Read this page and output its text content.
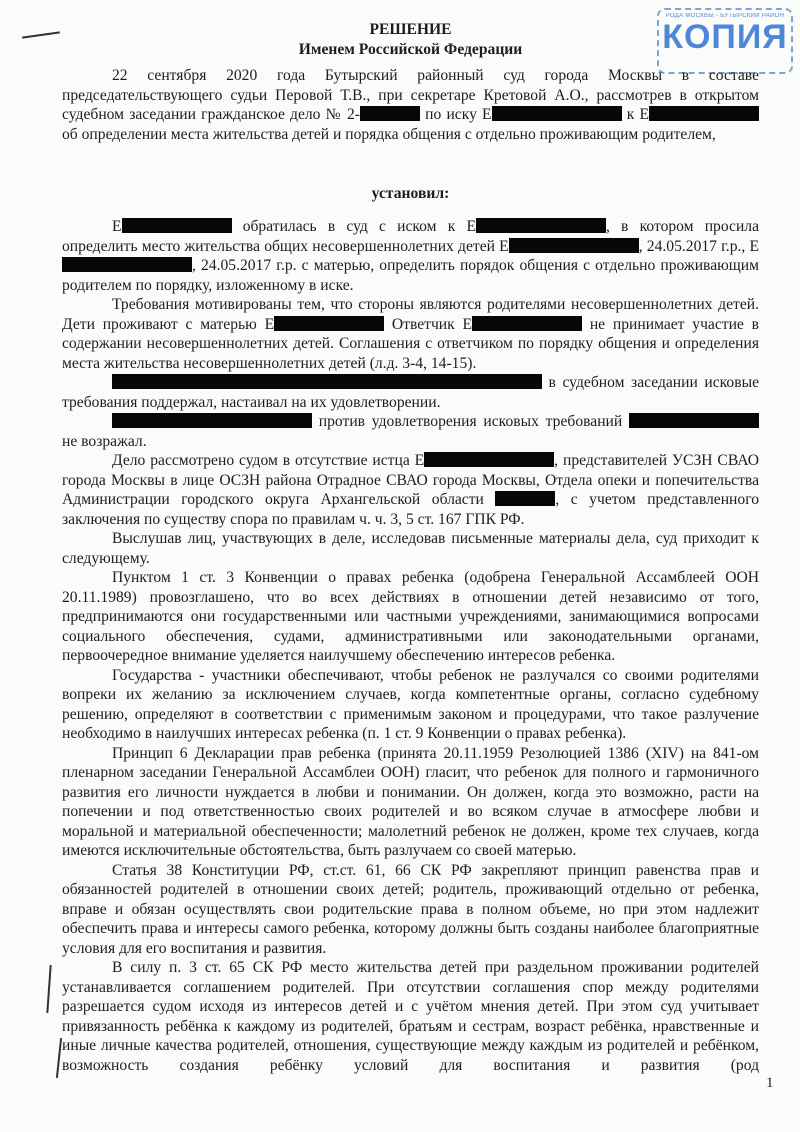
РОДА МОСКВЫ - БУТЫРСКИЙ РАЙОН
КОПИЯ
РЕШЕНИЕ
Именем Российской Федерации

22 сентября 2020 года Бутырский районный суд города Москвы в составе председательствующего судьи Перовой Т.В., при секретаре Кретовой А.О., рассмотрев в открытом судебном заседании гражданское дело № 2-	по иску Е	к Е об определении места жительства детей и порядка общения с отдельно проживающим родителем,

установил:

Е	обратилась в суд с иском к Е	, в котором просила определить место жительства общих несовершеннолетних детей Е	, 24.05.2017 г.р., Е, 24.05.2017 г.р. с матерью, определить порядок общения с отдельно проживающим родителем по порядку, изложенному в иске.

Требования мотивированы тем, что стороны являются родителями несовершеннолетних детей. Дети проживают с матерью Е	Ответчик Е	не принимает участие в содержании несовершеннолетних детей. Соглашения с ответчиком по порядку общения и определения места жительства несовершеннолетних детей (л.д. 3-4, 14-15).

в судебном заседании исковые требования поддержал, настаивал на их удовлетворении.

против удовлетворения исковых требований  не возражал.

Дело рассмотрено судом в отсутствие истца Е	, представителей УСЗН СВАО города Москвы в лице ОСЗН района Отрадное СВАО города Москвы, Отдела опеки и попечительства Администрации городского округа Архангельской области	, с учетом представленного заключения по существу спора по правилам ч. ч. 3, 5 ст. 167 ГПК РФ.

Выслушав лиц, участвующих в деле, исследовав письменные материалы дела, суд приходит к следующему.

Пунктом 1 ст. 3 Конвенции о правах ребенка (одобрена Генеральной Ассамблеей ООН 20.11.1989) провозглашено, что во всех действиях в отношении детей независимо от того, предпринимаются они государственными или частными учреждениями, занимающимися вопросами социального обеспечения, судами, административными или законодательными органами, первоочередное внимание уделяется наилучшему обеспечению интересов ребенка.

Государства - участники обеспечивают, чтобы ребенок не разлучался со своими родителями вопреки их желанию за исключением случаев, когда компетентные органы, согласно судебному решению, определяют в соответствии с применимым законом и процедурами, что такое разлучение необходимо в наилучших интересах ребенка (п. 1 ст. 9 Конвенции о правах ребенка).

Принцип 6 Декларации прав ребенка (принята 20.11.1959 Резолюцией 1386 (XIV) на 841-ом пленарном заседании Генеральной Ассамблеи ООН) гласит, что ребенок для полного и гармоничного развития его личности нуждается в любви и понимании. Он должен, когда это возможно, расти на попечении и под ответственностью своих родителей и во всяком случае в атмосфере любви и моральной и материальной обеспеченности; малолетний ребенок не должен, кроме тех случаев, когда имеются исключительные обстоятельства, быть разлучаем со своей матерью.

Статья 38 Конституции РФ, ст.ст. 61, 66 СК РФ закрепляют принцип равенства прав и обязанностей родителей в отношении своих детей; родитель, проживающий отдельно от ребенка, вправе и обязан осуществлять свои родительские права в полном объеме, но при этом надлежит обеспечить права и интересы самого ребенка, которому должны быть созданы наиболее благоприятные условия для его воспитания и развития.

В силу п. 3 ст. 65 СК РФ место жительства детей при раздельном проживании родителей устанавливается соглашением родителей. При отсутствии соглашения спор между родителями разрешается судом исходя из интересов детей и с учётом мнения детей. При этом суд учитывает привязанность ребёнка к каждому из родителей, братьям и сестрам, возраст ребёнка, нравственные и иные личные качества родителей, отношения, существующие между каждым из родителей и ребёнком, возможность создания ребёнку условий для воспитания и развития (род

1
